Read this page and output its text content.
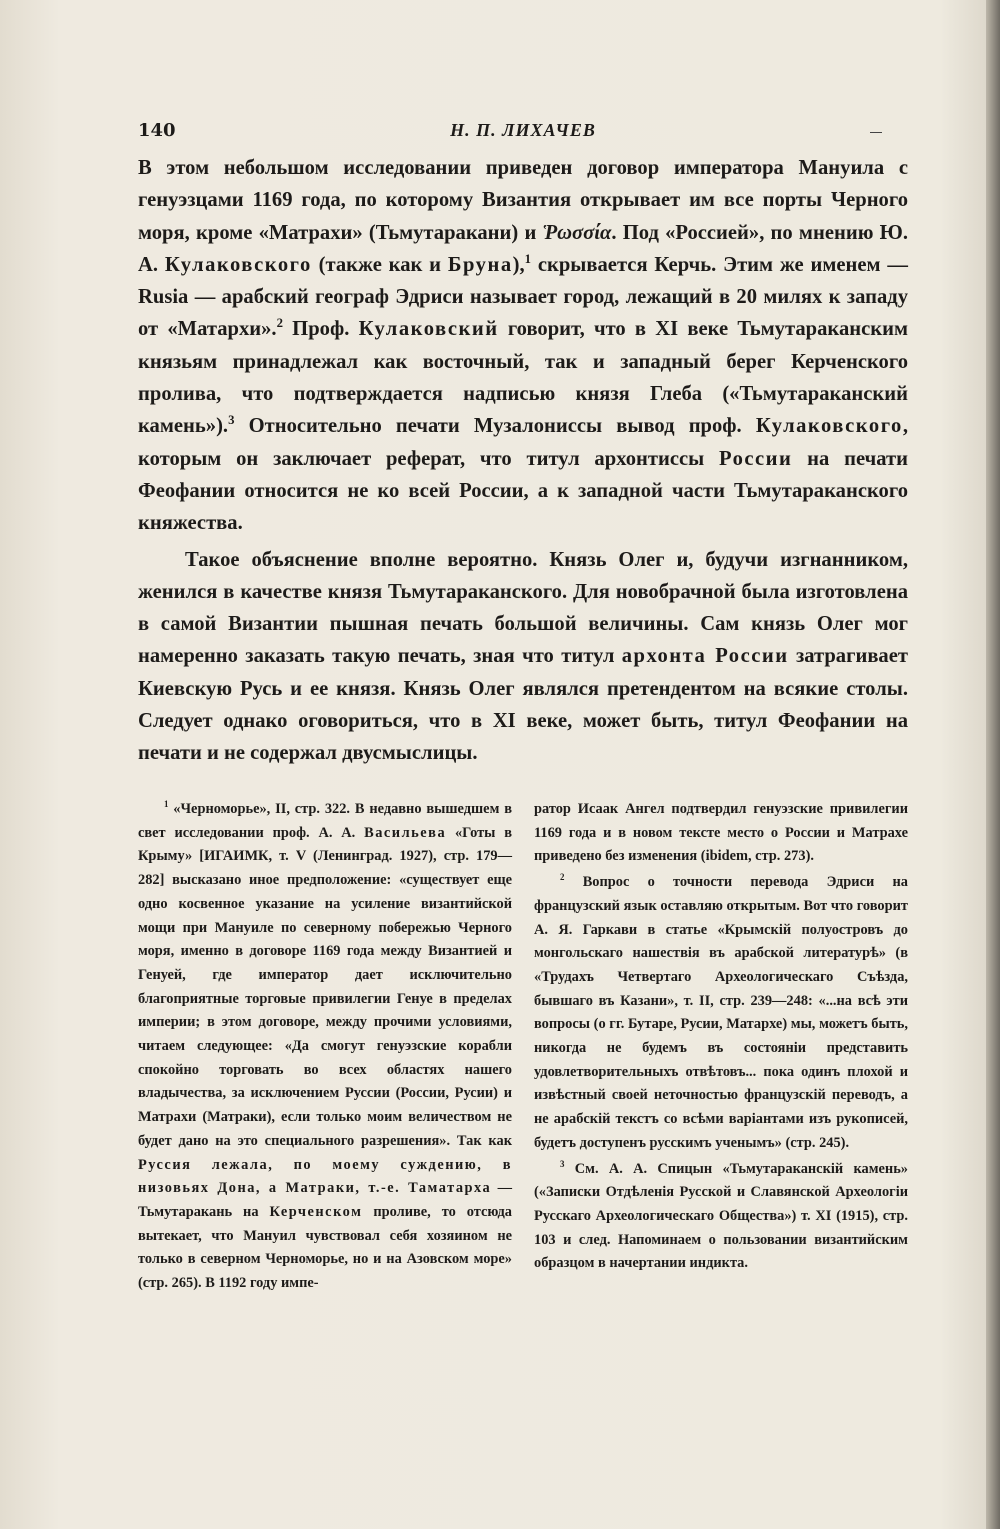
140	Н. П. ЛИХАЧЕВ

В этом небольшом исследовании приведен договор императора Мануила с генуэзцами 1169 года, по которому Византия открывает им все порты Черного моря, кроме «Матрахи» (Тьмутаракани) и Ῥωσσία. Под «Россией», по мнению Ю. А. Кулаковского (также как и Бруна),$^1$ скрывается Керчь. Этим же именем — Rusia — арабский географ Эдриси называет город, лежащий в 20 милях к западу от «Матархи».$^2$ Проф. Кулаковский говорит, что в XI веке Тьмутараканским князьям принадлежал как восточный, так и западный берег Керченского пролива, что подтверждается надписью князя Глеба («Тьмутараканский камень»).$^3$ Относительно печати Музалониссы вывод проф. Кулаковского, которым он заключает реферат, что титул архонтиссы России на печати Феофании относится не ко всей России, а к западной части Тьмутараканского княжества.

Такое объяснение вполне вероятно. Князь Олег и, будучи изгнанником, женился в качестве князя Тьмутараканского. Для новобрачной была изготовлена в самой Византии пышная печать большой величины. Сам князь Олег мог намеренно заказать такую печать, зная что титул архонта России затрагивает Киевскую Русь и ее князя. Князь Олег являлся претендентом на всякие столы. Следует однако оговориться, что в XI веке, может быть, титул Феофании на печати и не содержал двусмыслицы.

$^1$ «Черноморье», II, стр. 322. В недавно вышедшем в свет исследовании проф. А. А. Васильева «Готы в Крыму» [ИГАИМК, т. V (Ленинград. 1927), стр. 179—282] высказано иное предположение: «существует еще одно косвенное указание на усиление византийской мощи при Мануиле по северному побережью Черного моря, именно в договоре 1169 года между Византией и Генуей, где император дает исключительно благоприятные торговые привилегии Генуе в пределах империи; в этом договоре, между прочими условиями, читаем следующее: «Да смогут генуэзские корабли спокойно торговать во всех областях нашего владычества, за исключением Руссии (России, Русии) и Матрахи (Матраки), если только моим величеством не будет дано на это специального разрешения». Так как Руссия лежала, по моему суждению, в низовьях Дона, а Матраки, т.-е. Таматарха — Тьмутаракань на Керченском проливе, то отсюда вытекает, что Мануил чувствовал себя хозяином не только в северном Черноморье, но и на Азовском море» (стр. 265). В 1192 году импе-

ратор Исаак Ангел подтвердил генуэзские привилегии 1169 года и в новом тексте место о России и Матрахе приведено без изменения (ibidem, стр. 273).

$^2$ Вопрос о точности перевода Эдриси на французский язык оставляю открытым. Вот что говорит А. Я. Гаркави в статье «Крымскій полуостровъ до монгольскаго нашествія въ арабской литературѣ» (в «Трудахъ Четвертаго Археологическаго Съѣзда, бывшаго въ Казани», т. II, стр. 239—248: «...на всѣ эти вопросы (о гг. Бутаре, Русии, Матархе) мы, можетъ быть, никогда не будемъ въ состояніи представить удовлетворительныхъ отвѣтовъ... пока одинъ плохой и извѣстный своей неточностью французскій переводъ, а не арабскій текстъ со всѣми варіантами изъ рукописей, будетъ доступенъ русскимъ ученымъ» (стр. 245).

$^3$ См. А. А. Спицын «Тьмутараканскій камень» («Записки Отдѣленія Русской и Славянской Археологіи Русскаго Археологическаго Общества») т. XI (1915), стр. 103 и след. Напоминаем о пользовании византийским образцом в начертании индикта.
